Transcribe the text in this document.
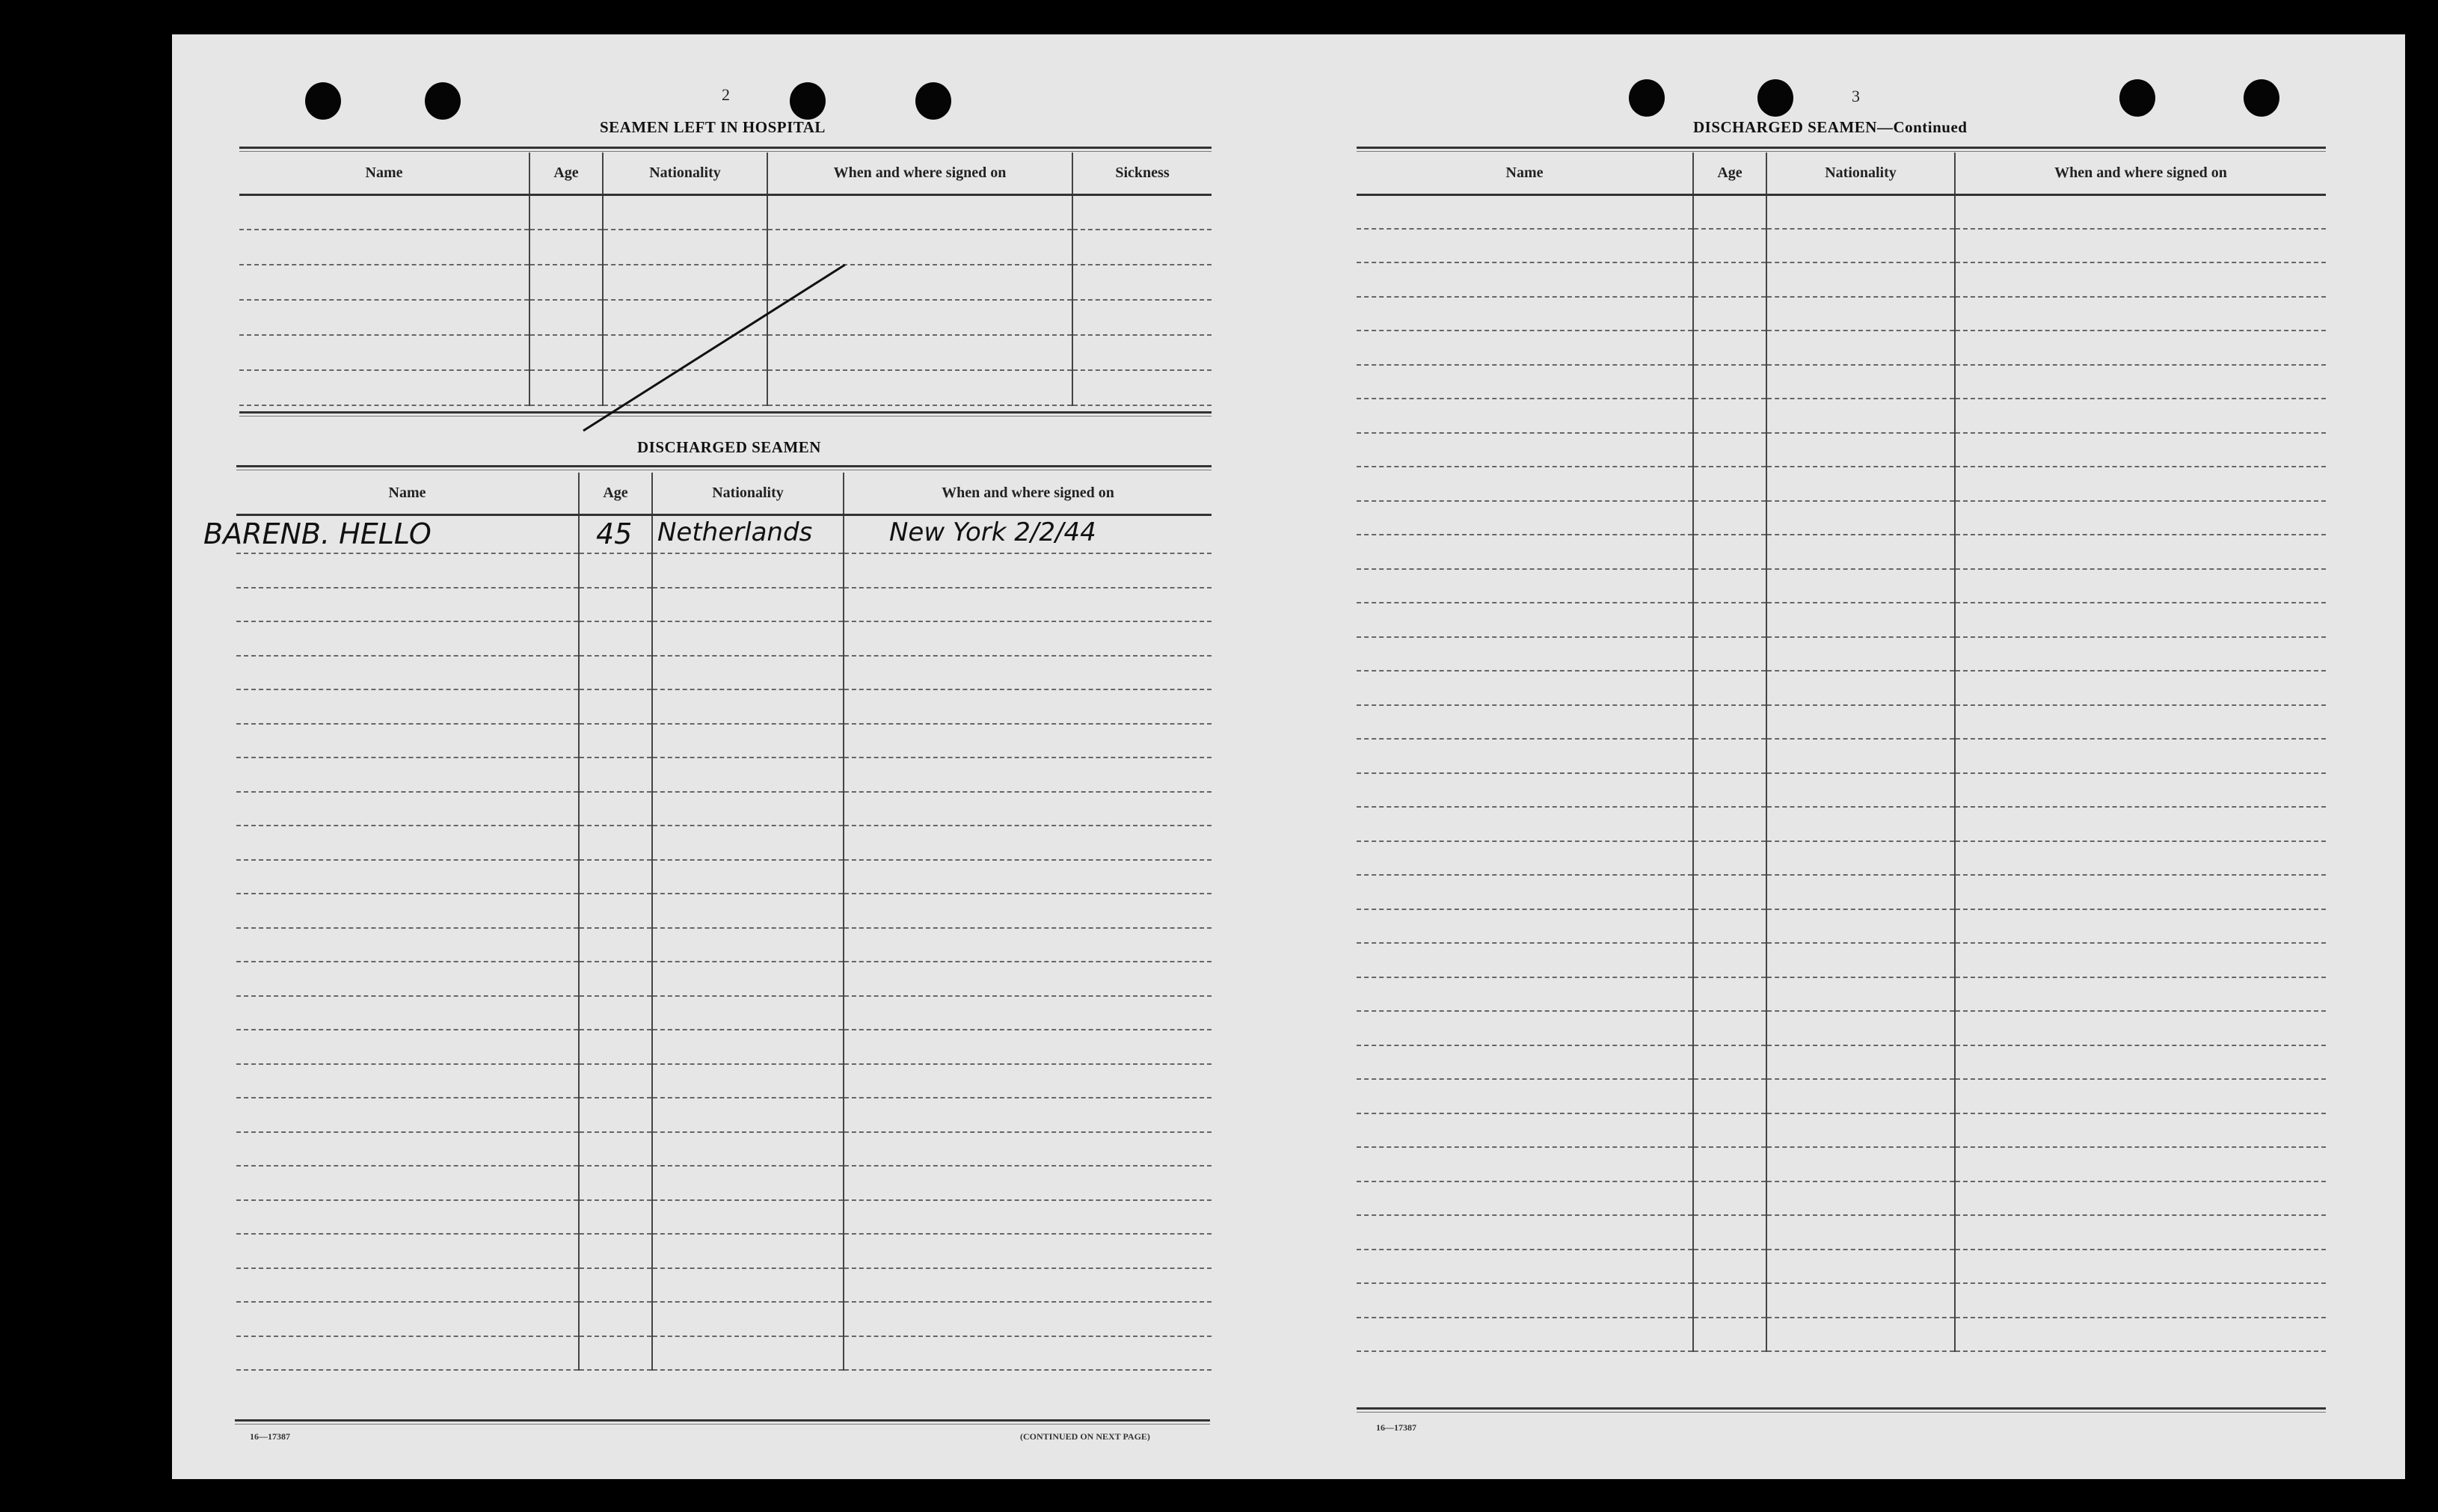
2
SEAMEN LEFT IN HOSPITAL
Name	Age	Nationality	When and where signed on	Sickness

DISCHARGED SEAMEN
Name	Age	Nationality	When and where signed on

BARENB. HELLO	45	Netherlands	New York 2/2/44

16—17387	(CONTINUED ON NEXT PAGE)
3
DISCHARGED SEAMEN—Continued
Name	Age	Nationality	When and where signed on

16—17387
